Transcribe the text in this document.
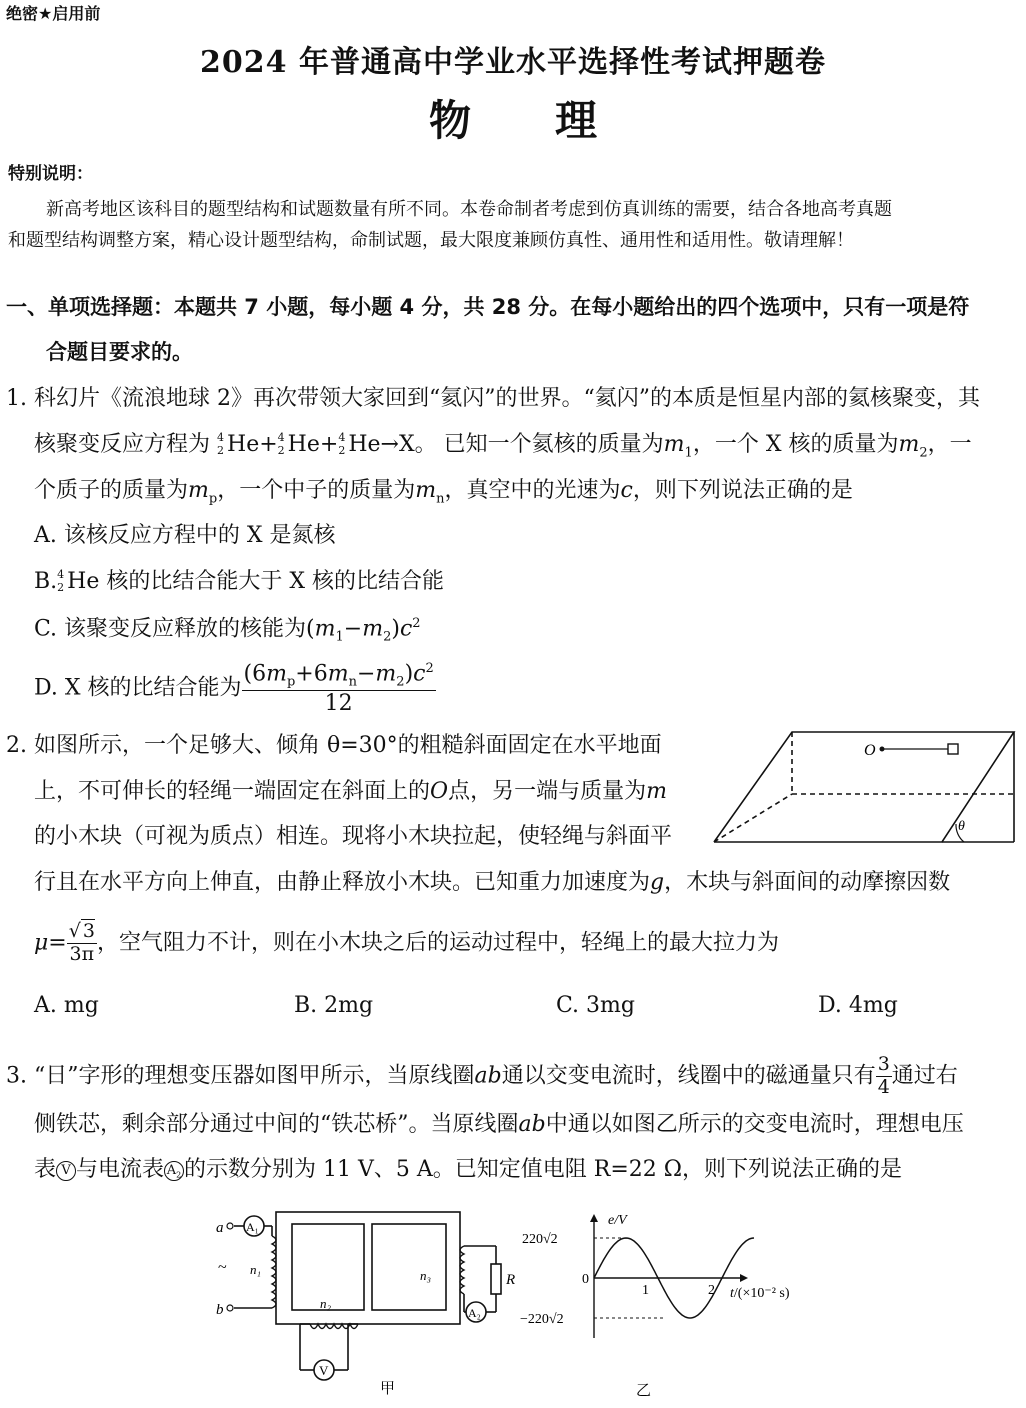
绝密★启用前
2024 年普通高中学业水平选择性考试押题卷
物　　理
特别说明：
新高考地区该科目的题型结构和试题数量有所不同。本卷命制者考虑到仿真训练的需要，结合各地高考真题
和题型结构调整方案，精心设计题型结构，命制试题，最大限度兼顾仿真性、通用性和适用性。敬请理解！
一、单项选择题：本题共 7 小题，每小题 4 分，共 28 分。在每小题给出的四个选项中，只有一项是符
合题目要求的。
1. 科幻片《流浪地球 2》再次带领大家回到“氦闪”的世界。“氦闪”的本质是恒星内部的氦核聚变，其
核聚变反应方程为 4
2 He+ 4
2 He+ 4
2 He→X。 已知一个氦核的质量为$m_1$，一个 X 核的质量为$m_2$，一
个质子的质量为$m_p$，一个中子的质量为$m_n$，真空中的光速为c，则下列说法正确的是
A. 该核反应方程中的 X 是氮核
B. 4
2 He 核的比结合能大于 X 核的比结合能
C. 该聚变反应释放的核能为$(m_1-m_2)c^2$
D. X 核的比结合能为 $\frac{(6m_p+6m_n-m_2)c^2}{12}$
2. 如图所示，一个足够大、倾角 θ=30°的粗糙斜面固定在水平地面
上，不可伸长的轻绳一端固定在斜面上的O点，另一端与质量为m
的小木块（可视为质点）相连。现将小木块拉起，使轻绳与斜面平
行且在水平方向上伸直，由静止释放小木块。已知重力加速度为g，木块与斜面间的动摩擦因数
$\mu= \frac{√ 3}{3\pi}$ ，空气阻力不计，则在小木块之后的运动过程中，轻绳上的最大拉力为
A. mg	B. 2mg	C. 3mg	D. 4mg
O
θ
3. “日”字形的理想变压器如图甲所示，当原线圈ab通以交变电流时，线圈中的磁通量只有 $\frac{3}{4}$ 通过右
侧铁芯，剩余部分通过中间的“铁芯桥”。当原线圈ab中通以如图乙所示的交变电流时，理想电压
表 V 与电流表 $A_2$ 的示数分别为 11 V、5 A。已知定值电阻 R=22 Ω，则下列说法正确的是
a
b
~ n₁
n₂
n₃	R
A₁
A₂
V
甲
e/V
220√2
0
−220√2
1	2 t/(×10⁻² s)
乙
